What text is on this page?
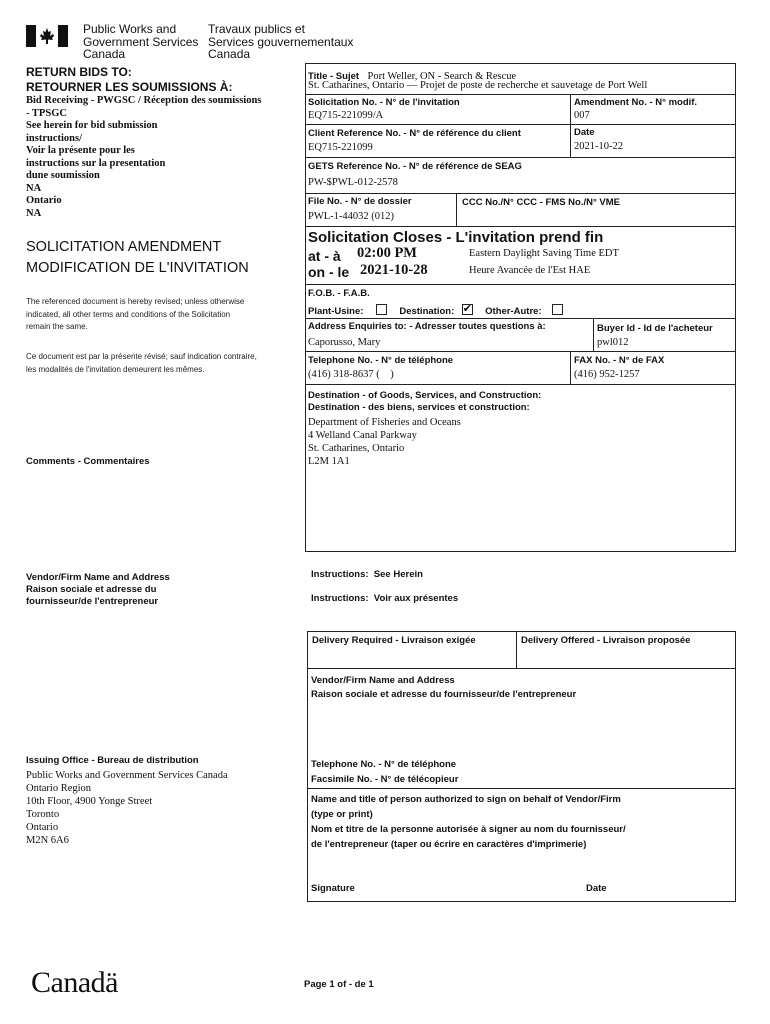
Public Works and
Government Services
Canada
Travaux publics et
Services gouvernementaux
Canada
RETURN BIDS TO:
RETOURNER LES SOUMISSIONS À:
Bid Receiving - PWGSC / Réception des soumissions
- TPSGC
See herein for bid submission
instructions/
Voir la présente pour les
instructions sur la presentation
dune soumission
NA
Ontario
NA
SOLICITATION AMENDMENT
MODIFICATION DE L'INVITATION
The referenced document is hereby revised; unless otherwise
indicated, all other terms and conditions of the Solicitation
remain the same.
Ce document est par la présente révisé; sauf indication contraire,
les modalités de l'invitation demeurent les mêmes.
Comments - Commentaires
Vendor/Firm Name and Address
Raison sociale et adresse du
fournisseur/de l'entrepreneur
Issuing Office - Bureau de distribution
Public Works and Government Services Canada
Ontario Region
10th Floor, 4900 Yonge Street
Toronto
Ontario
M2N 6A6
Title - Sujet Port Weller, ON - Search & Rescue
St. Catharines, Ontario — Projet de poste de recherche et sauvetage de Port Well
Solicitation No. - N° de l'invitation
EQ715-221099/A
Amendment No. - N° modif.
007
Client Reference No. - N° de référence du client
EQ715-221099
Date
2021-10-22
GETS Reference No. - N° de référence de SEAG
PW-$PWL-012-2578
File No. - N° de dossier
PWL-1-44032 (012)
CCC No./N° CCC - FMS No./N° VME
Solicitation Closes - L'invitation prend fin
at - à 02:00 PM
on - le 2021-10-28
Eastern Daylight Saving Time EDT
Heure Avancée de l'Est HAE
F.O.B. - F.A.B.
Plant-Usine:	Destination: ✔ Other-Autre:
Address Enquiries to: - Adresser toutes questions à:
Caporusso, Mary
Buyer Id - Id de l'acheteur
pwl012
Telephone No. - N° de téléphone
(416) 318-8637 (    )
FAX No. - N° de FAX
(416) 952-1257
Destination - of Goods, Services, and Construction:
Destination - des biens, services et construction:
Department of Fisheries and Oceans
4 Welland Canal Parkway
St. Catharines, Ontario
L2M 1A1
Instructions:  See Herein
Instructions:  Voir aux présentes
Delivery Required - Livraison exigée	Delivery Offered - Livraison proposée
Vendor/Firm Name and Address
Raison sociale et adresse du fournisseur/de l'entrepreneur
Telephone No. - N° de téléphone
Facsimile No. - N° de télécopieur
Name and title of person authorized to sign on behalf of Vendor/Firm
(type or print)
Nom et titre de la personne autorisée à signer au nom du fournisseur/
de l'entrepreneur (taper ou écrire en caractères d'imprimerie)
Signature	Date
Canadä	Page 1 of - de 1
